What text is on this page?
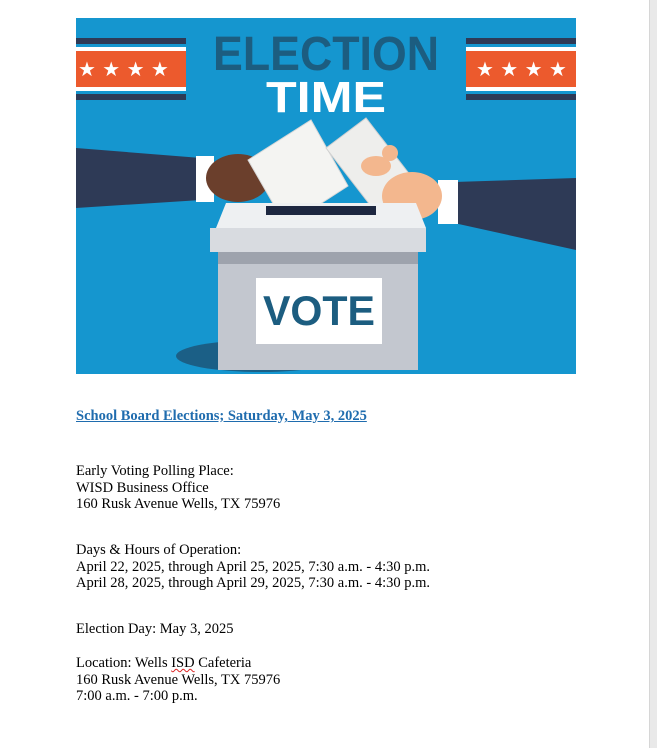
★ ★ ★ ★	★ ★ ★ ★
ELECTION
TIME
VOTE
School Board Elections; Saturday, May 3, 2025
Early Voting Polling Place:
WISD Business Office
160 Rusk Avenue Wells, TX 75976
Days & Hours of Operation:
April 22, 2025, through April 25, 2025, 7:30 a.m. - 4:30 p.m.
April 28, 2025, through April 29, 2025, 7:30 a.m. - 4:30 p.m.
Election Day: May 3, 2025
Location: Wells ISD Cafeteria
160 Rusk Avenue Wells, TX 75976
7:00 a.m. - 7:00 p.m.
